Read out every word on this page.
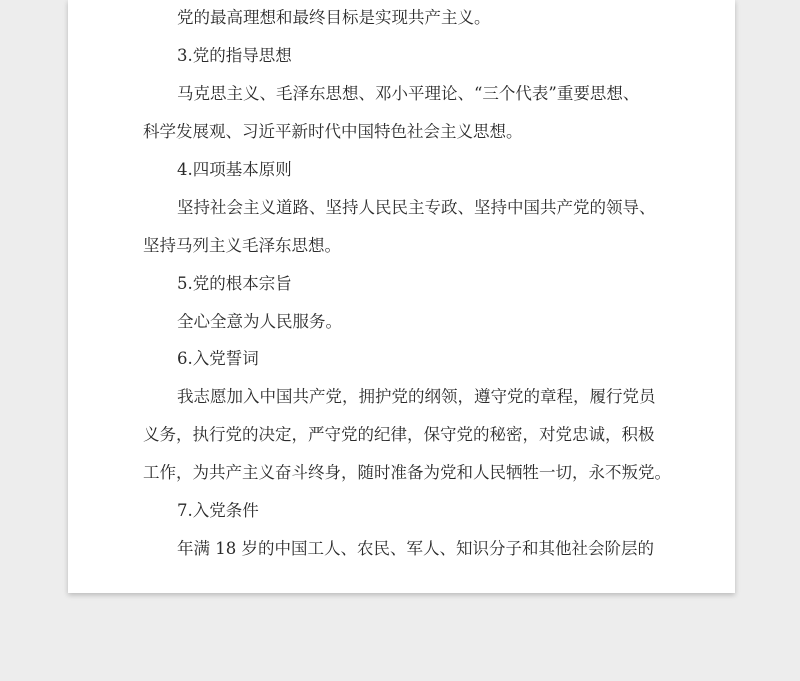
党的最高理想和最终目标是实现共产主义。
3.党的指导思想
马克思主义、毛泽东思想、邓小平理论、“三个代表”重要思想、
科学发展观、习近平新时代中国特色社会主义思想。
4.四项基本原则
坚持社会主义道路、坚持人民民主专政、坚持中国共产党的领导、
坚持马列主义毛泽东思想。
5.党的根本宗旨
全心全意为人民服务。
6.入党誓词
我志愿加入中国共产党，拥护党的纲领，遵守党的章程，履行党员
义务，执行党的决定，严守党的纪律，保守党的秘密，对党忠诚，积极
工作，为共产主义奋斗终身，随时准备为党和人民牺牲一切，永不叛党。
7.入党条件
年满 18 岁的中国工人、农民、军人、知识分子和其他社会阶层的
